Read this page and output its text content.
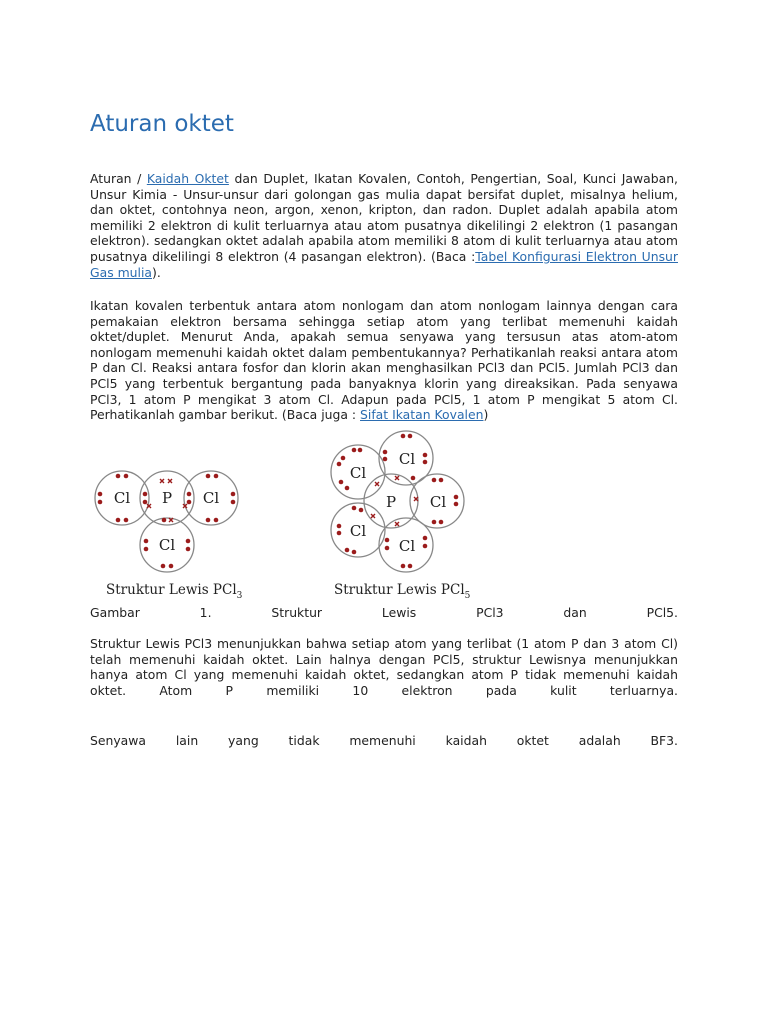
Aturan oktet

Aturan / Kaidah Oktet dan Duplet, Ikatan Kovalen, Contoh, Pengertian, Soal, Kunci Jawaban, Unsur Kimia - Unsur-unsur dari golongan gas mulia dapat bersifat duplet, misalnya helium, dan oktet, contohnya neon, argon, xenon, kripton, dan radon. Duplet adalah apabila atom memiliki 2 elektron di kulit terluarnya atau atom pusatnya dikelilingi 2 elektron (1 pasangan elektron). sedangkan oktet adalah apabila atom memiliki 8 atom di kulit terluarnya atau atom pusatnya dikelilingi 8 elektron (4 pasangan elektron). (Baca :Tabel Konfigurasi Elektron Unsur Gas mulia).

Ikatan kovalen terbentuk antara atom nonlogam dan atom nonlogam lainnya dengan cara pemakaian elektron bersama sehingga setiap atom yang terlibat memenuhi kaidah oktet/duplet. Menurut Anda, apakah semua senyawa yang tersusun atas atom-atom nonlogam memenuhi kaidah oktet dalam pembentukannya? Perhatikanlah reaksi antara atom P dan Cl. Reaksi antara fosfor dan klorin akan menghasilkan PCl3 dan PCl5. Jumlah PCl3 dan PCl5 yang terbentuk bergantung pada banyaknya klorin yang direaksikan. Pada senyawa PCl3, 1 atom P mengikat 3 atom Cl. Adapun pada PCl5, 1 atom P mengikat 5 atom Cl. Perhatikanlah gambar berikut. (Baca juga : Sifat Ikatan Kovalen)

Cl P Cl
Cl
Struktur Lewis PCl$_3$
Cl
Cl
P Cl
Cl
Cl
Struktur Lewis PCl$_5$

Gambar 1. Struktur Lewis PCl3 dan PCl5.

Struktur Lewis PCl3 menunjukkan bahwa setiap atom yang terlibat (1 atom P dan 3 atom Cl) telah memenuhi kaidah oktet. Lain halnya dengan PCl5, struktur Lewisnya menunjukkan hanya atom Cl yang memenuhi kaidah oktet, sedangkan atom P tidak memenuhi kaidah oktet. Atom P memiliki 10 elektron pada kulit terluarnya.

Senyawa lain yang tidak memenuhi kaidah oktet adalah BF3.
